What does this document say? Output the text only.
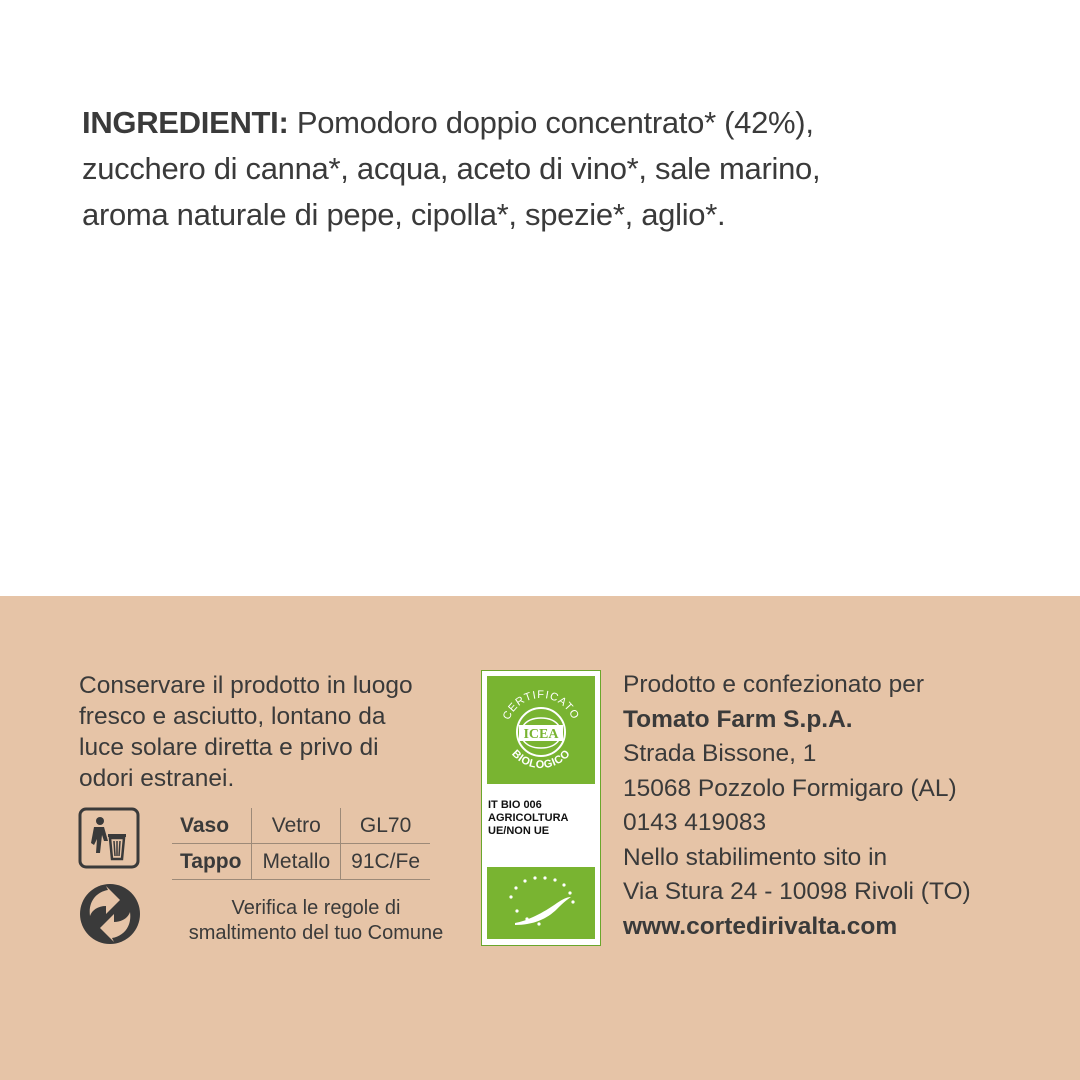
INGREDIENTI: Pomodoro doppio concentrato* (42%),
zucchero di canna*, acqua, aceto di vino*, sale marino,
aroma naturale di pepe, cipolla*, spezie*, aglio*.
Conservare il prodotto in luogo
fresco e asciutto, lontano da
luce solare diretta e privo di
odori estranei.
Vaso	Vetro	GL70
Tappo	Metallo	91C/Fe
Verifica le regole di
smaltimento del tuo Comune
CERTIFICATO
ICEA
BIOLOGICO
IT BIO 006
AGRICOLTURA
UE/NON UE
Prodotto e confezionato per
Tomato Farm S.p.A.
Strada Bissone, 1
15068 Pozzolo Formigaro (AL)
0143 419083
Nello stabilimento sito in
Via Stura 24 - 10098 Rivoli (TO)
www.cortedirivalta.com
